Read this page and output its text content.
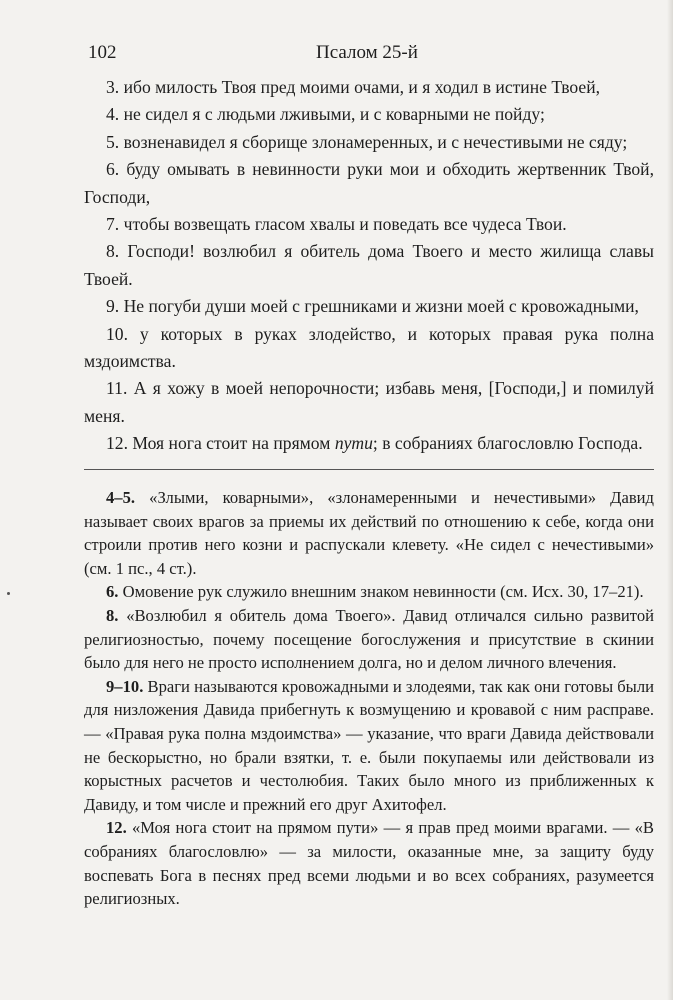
102	Псалом 25-й

3. ибо милость Твоя пред моими очами, и я ходил в истине Твоей,

4. не сидел я с людьми лживыми, и с коварными не пойду;

5. возненавидел я сборище злонамеренных, и с нечестивыми не сяду;

6. буду омывать в невинности руки мои и обходить жертвенник Твой, Господи,

7. чтобы возвещать гласом хвалы и поведать все чудеса Твои.

8. Господи! возлюбил я обитель дома Твоего и место жилища славы Твоей.

9. Не погуби души моей с грешниками и жизни моей с кровожадными,

10. у которых в руках злодейство, и которых правая рука полна мздоимства.

11. А я хожу в моей непорочности; избавь меня, [Господи,] и помилуй меня.

12. Моя нога стоит на прямом пути; в собраниях благословлю Господа.

4–5. «Злыми, коварными», «злонамеренными и нечестивыми» Давид называет своих врагов за приемы их действий по отношению к себе, когда они строили против него козни и распускали клевету. «Не сидел с нечестивыми» (см. 1 пс., 4 ст.).

6. Омовение рук служило внешним знаком невинности (см. Исх. 30, 17–21).

8. «Возлюбил я обитель дома Твоего». Давид отличался сильно развитой религиозностью, почему посещение богослужения и присутствие в скинии было для него не просто исполнением долга, но и делом личного влечения.

9–10. Враги называются кровожадными и злодеями, так как они готовы были для низложения Давида прибегнуть к возмущению и кровавой с ним расправе. — «Правая рука полна мздоимства» — указание, что враги Давида действовали не бескорыстно, но брали взятки, т. е. были покупаемы или действовали из корыстных расчетов и честолюбия. Таких было много из приближенных к Давиду, и том числе и прежний его друг Ахитофел.

12. «Моя нога стоит на прямом пути» — я прав пред моими врагами. — «В собраниях благословлю» — за милости, оказанные мне, за защиту буду воспевать Бога в песнях пред всеми людьми и во всех собраниях, разумеется религиозных.
